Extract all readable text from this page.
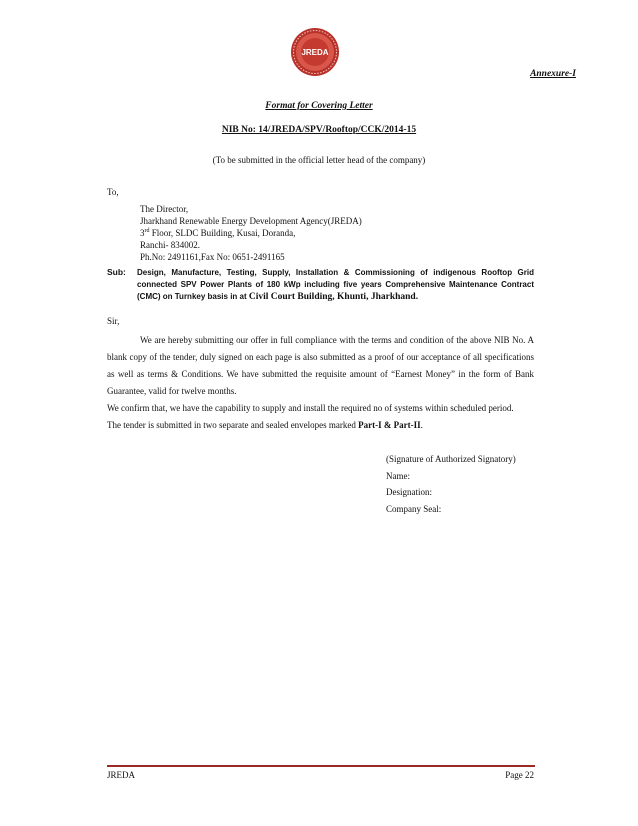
JREDA
Annexure-I
Format for Covering Letter
NIB No: 14/JREDA/SPV/Rooftop/CCK/2014-15
(To be submitted in the official letter head of the company)
To,
The Director,
Jharkhand Renewable Energy Development Agency(JREDA)
3rd Floor, SLDC Building, Kusai, Doranda,
Ranchi- 834002.
Ph.No: 2491161,Fax No: 0651-2491165
Sub: Design, Manufacture, Testing, Supply, Installation & Commissioning of indigenous Rooftop Grid connected SPV Power Plants of 180 kWp including five years Comprehensive Maintenance Contract (CMC) on Turnkey basis in at Civil Court Building, Khunti, Jharkhand.
Sir,

We are hereby submitting our offer in full compliance with the terms and condition of the above NIB No. A blank copy of the tender, duly signed on each page is also submitted as a proof of our acceptance of all specifications as well as terms & Conditions. We have submitted the requisite amount of “Earnest Money” in the form of Bank Guarantee, valid for twelve months.

We confirm that, we have the capability to supply and install the required no of systems within scheduled period.

The tender is submitted in two separate and sealed envelopes marked Part-I & Part-II.

(Signature of Authorized Signatory)
Name:
Designation:
Company Seal:
JREDA	Page 22
